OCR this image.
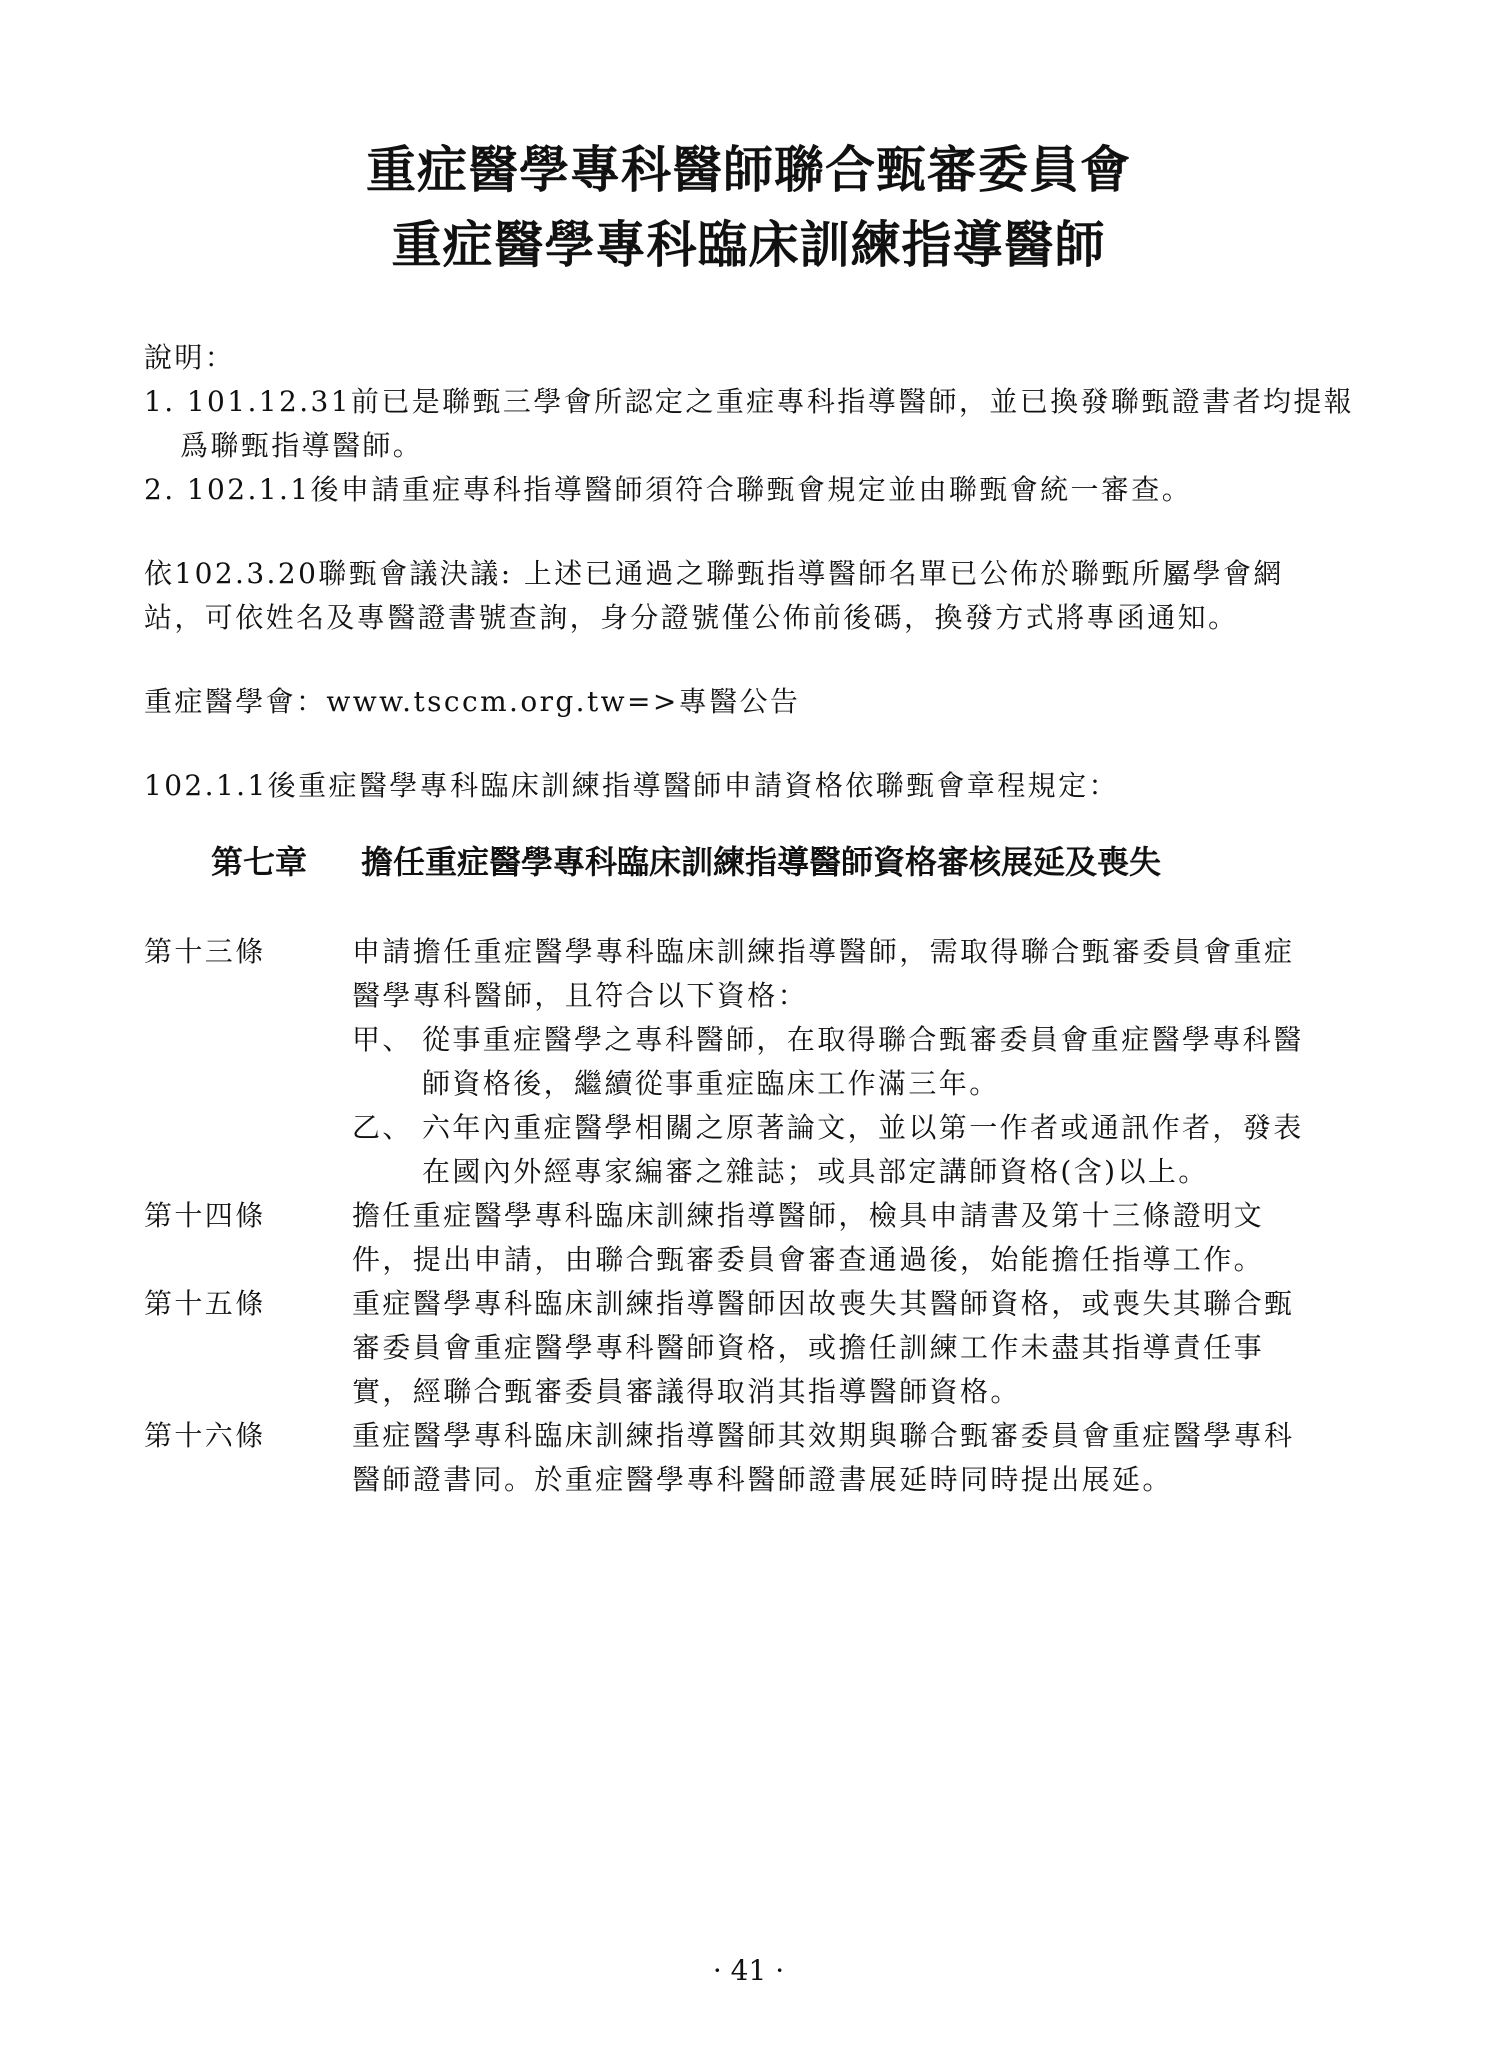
重症醫學專科醫師聯合甄審委員會
重症醫學專科臨床訓練指導醫師
說明：
1. 101.12.31前已是聯甄三學會所認定之重症專科指導醫師，並已換發聯甄證書者均提報
爲聯甄指導醫師。
2. 102.1.1後申請重症專科指導醫師須符合聯甄會規定並由聯甄會統一審查。
依102.3.20聯甄會議決議: 上述已通過之聯甄指導醫師名單已公佈於聯甄所屬學會網
站，可依姓名及專醫證書號查詢，身分證號僅公佈前後碼，換發方式將專函通知。
重症醫學會：www.tsccm.org.tw=>專醫公告
102.1.1後重症醫學專科臨床訓練指導醫師申請資格依聯甄會章程規定：
第七章 擔任重症醫學專科臨床訓練指導醫師資格審核展延及喪失
第十三條	申請擔任重症醫學專科臨床訓練指導醫師，需取得聯合甄審委員會重症
醫學專科醫師，且符合以下資格：
甲、 從事重症醫學之專科醫師，在取得聯合甄審委員會重症醫學專科醫
師資格後，繼續從事重症臨床工作滿三年。
乙、 六年內重症醫學相關之原著論文，並以第一作者或通訊作者，發表
在國內外經專家編審之雜誌；或具部定講師資格(含)以上。
第十四條	擔任重症醫學專科臨床訓練指導醫師，檢具申請書及第十三條證明文
件，提出申請，由聯合甄審委員會審查通過後，始能擔任指導工作。
第十五條	重症醫學專科臨床訓練指導醫師因故喪失其醫師資格，或喪失其聯合甄
審委員會重症醫學專科醫師資格，或擔任訓練工作未盡其指導責任事
實，經聯合甄審委員審議得取消其指導醫師資格。
第十六條	重症醫學專科臨床訓練指導醫師其效期與聯合甄審委員會重症醫學專科
醫師證書同。於重症醫學專科醫師證書展延時同時提出展延。
· 41 ·
